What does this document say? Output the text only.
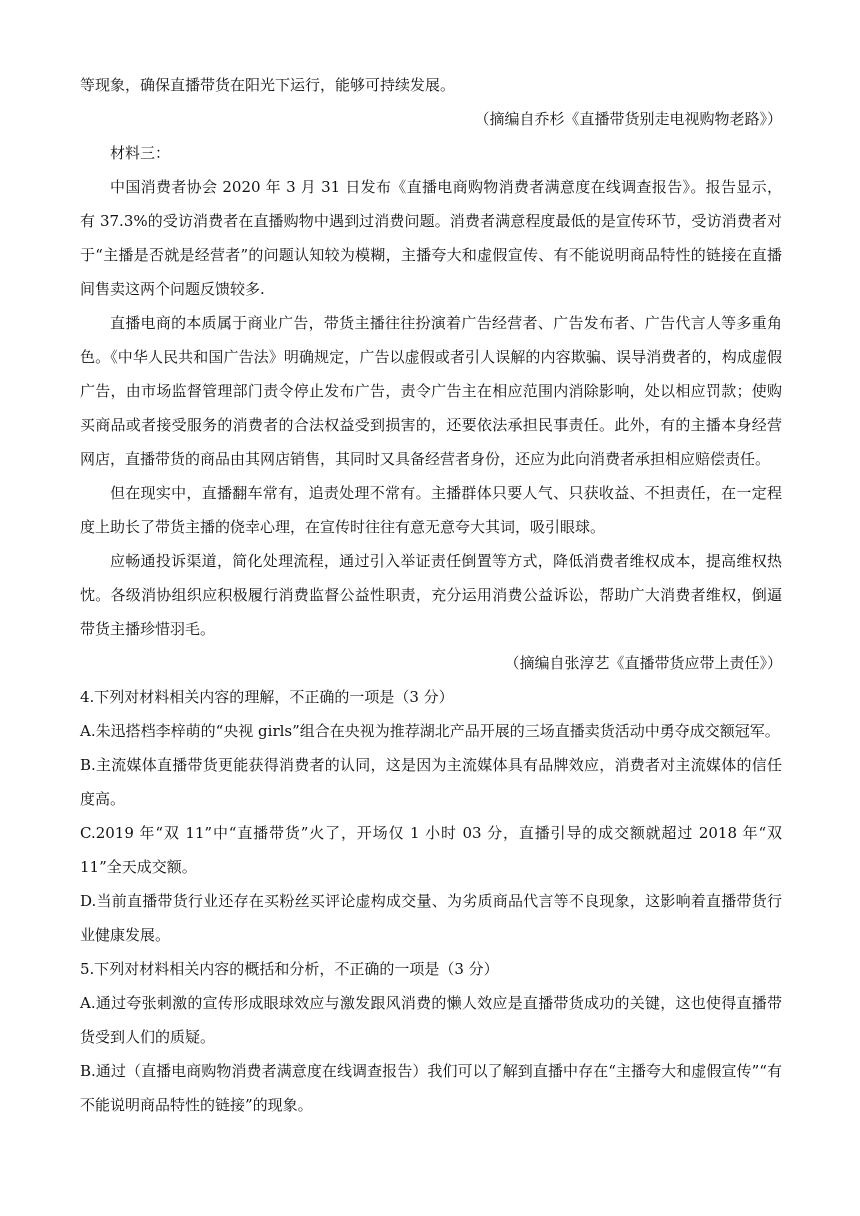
等现象，确保直播带货在阳光下运行，能够可持续发展。

（摘编自乔杉《直播带货别走电视购物老路》）

材料三：

中国消费者协会 2020 年 3 月 31 日发布《直播电商购物消费者满意度在线调查报告》。报告显示，有 37.3%的受访消费者在直播购物中遇到过消费问题。消费者满意程度最低的是宣传环节，受访消费者对于“主播是否就是经营者”的问题认知较为模糊，主播夸大和虚假宣传、有不能说明商品特性的链接在直播间售卖这两个问题反馈较多.

直播电商的本质属于商业广告，带货主播往往扮演着广告经营者、广告发布者、广告代言人等多重角色。《中华人民共和国广告法》明确规定，广告以虚假或者引人误解的内容欺骗、误导消费者的，构成虚假广告，由市场监督管理部门责令停止发布广告，责令广告主在相应范围内消除影响，处以相应罚款；使购买商品或者接受服务的消费者的合法权益受到损害的，还要依法承担民事责任。此外，有的主播本身经营网店，直播带货的商品由其网店销售，其同时又具备经营者身份，还应为此向消费者承担相应赔偿责任。

但在现实中，直播翻车常有，追责处理不常有。主播群体只要人气、只获收益、不担责任，在一定程度上助长了带货主播的侥幸心理，在宣传时往往有意无意夸大其词，吸引眼球。

应畅通投诉渠道，简化处理流程，通过引入举证责任倒置等方式，降低消费者维权成本，提高维权热忱。各级消协组织应积极履行消费监督公益性职责，充分运用消费公益诉讼，帮助广大消费者维权，倒逼带货主播珍惜羽毛。

（摘编自张淳艺《直播带货应带上责任》）

4.下列对材料相关内容的理解，不正确的一项是（3 分）

A.朱迅搭档李梓萌的“央视 girls”组合在央视为推荐湖北产品开展的三场直播卖货活动中勇夺成交额冠军。

B.主流媒体直播带货更能获得消费者的认同，这是因为主流媒体具有品牌效应，消费者对主流媒体的信任度高。

C.2019 年“双 11”中“直播带货”火了，开场仅 1 小时 03 分，直播引导的成交额就超过 2018 年“双 11”全天成交额。

D.当前直播带货行业还存在买粉丝买评论虚构成交量、为劣质商品代言等不良现象，这影响着直播带货行业健康发展。

5.下列对材料相关内容的概括和分析，不正确的一项是（3 分）

A.通过夸张刺激的宣传形成眼球效应与激发跟风消费的懒人效应是直播带货成功的关键，这也使得直播带货受到人们的质疑。

B.通过（直播电商购物消费者满意度在线调查报告）我们可以了解到直播中存在“主播夸大和虚假宣传”“有不能说明商品特性的链接”的现象。
